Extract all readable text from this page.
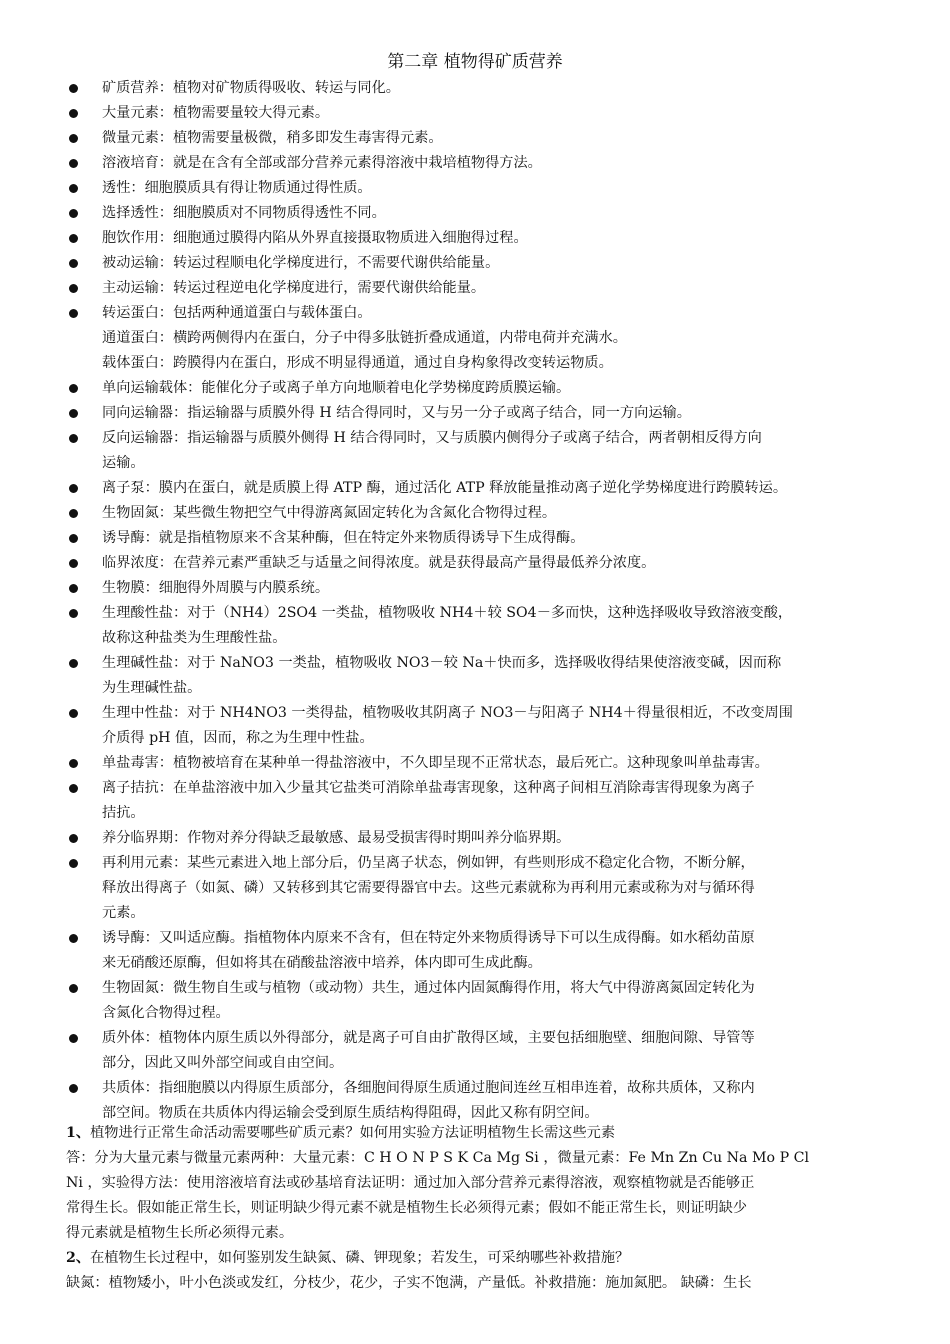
第二章 植物得矿质营养
矿质营养：植物对矿物质得吸收、转运与同化。
大量元素：植物需要量较大得元素。
微量元素：植物需要量极微，稍多即发生毒害得元素。
溶液培育：就是在含有全部或部分营养元素得溶液中栽培植物得方法。
透性：细胞膜质具有得让物质通过得性质。
选择透性：细胞膜质对不同物质得透性不同。
胞饮作用：细胞通过膜得内陷从外界直接摄取物质进入细胞得过程。
被动运输：转运过程顺电化学梯度进行，不需要代谢供给能量。
主动运输：转运过程逆电化学梯度进行，需要代谢供给能量。
转运蛋白：包括两种通道蛋白与载体蛋白。
通道蛋白：横跨两侧得内在蛋白，分子中得多肽链折叠成通道，内带电荷并充满水。
载体蛋白：跨膜得内在蛋白，形成不明显得通道，通过自身构象得改变转运物质。
单向运输载体：能催化分子或离子单方向地顺着电化学势梯度跨质膜运输。
同向运输器：指运输器与质膜外得 H 结合得同时，又与另一分子或离子结合，同一方向运输。
反向运输器：指运输器与质膜外侧得 H 结合得同时，又与质膜内侧得分子或离子结合，两者朝相反得方向
运输。
离子泵：膜内在蛋白，就是质膜上得 ATP 酶，通过活化 ATP 释放能量推动离子逆化学势梯度进行跨膜转运。
生物固氮：某些微生物把空气中得游离氮固定转化为含氮化合物得过程。
诱导酶：就是指植物原来不含某种酶，但在特定外来物质得诱导下生成得酶。
临界浓度：在营养元素严重缺乏与适量之间得浓度。就是获得最高产量得最低养分浓度。
生物膜：细胞得外周膜与内膜系统。
生理酸性盐：对于（NH4）2SO4 一类盐，植物吸收 NH4＋较 SO4－多而快，这种选择吸收导致溶液变酸，
故称这种盐类为生理酸性盐。
生理碱性盐：对于 NaNO3 一类盐，植物吸收 NO3－较 Na＋快而多，选择吸收得结果使溶液变碱，因而称
为生理碱性盐。
生理中性盐：对于 NH4NO3 一类得盐，植物吸收其阴离子 NO3－与阳离子 NH4＋得量很相近，不改变周围
介质得 pH 值，因而，称之为生理中性盐。
单盐毒害：植物被培育在某种单一得盐溶液中，不久即呈现不正常状态，最后死亡。这种现象叫单盐毒害。
离子拮抗：在单盐溶液中加入少量其它盐类可消除单盐毒害现象，这种离子间相互消除毒害得现象为离子
拮抗。
养分临界期：作物对养分得缺乏最敏感、最易受损害得时期叫养分临界期。
再利用元素：某些元素进入地上部分后，仍呈离子状态，例如钾，有些则形成不稳定化合物，不断分解，
释放出得离子（如氮、磷）又转移到其它需要得器官中去。这些元素就称为再利用元素或称为对与循环得
元素。
诱导酶：又叫适应酶。指植物体内原来不含有，但在特定外来物质得诱导下可以生成得酶。如水稻幼苗原
来无硝酸还原酶，但如将其在硝酸盐溶液中培养，体内即可生成此酶。
生物固氮：微生物自生或与植物（或动物）共生，通过体内固氮酶得作用，将大气中得游离氮固定转化为
含氮化合物得过程。
质外体：植物体内原生质以外得部分，就是离子可自由扩散得区域，主要包括细胞壁、细胞间隙、导管等
部分，因此又叫外部空间或自由空间。
共质体：指细胞膜以内得原生质部分，各细胞间得原生质通过胞间连丝互相串连着，故称共质体，又称内
部空间。物质在共质体内得运输会受到原生质结构得阻碍，因此又称有阴空间。
1、植物进行正常生命活动需要哪些矿质元素？如何用实验方法证明植物生长需这些元素
答：分为大量元素与微量元素两种：大量元素：C H O N P S K Ca Mg Si ，微量元素：Fe Mn Zn Cu Na Mo P Cl
Ni ，实验得方法：使用溶液培育法或砂基培育法证明：通过加入部分营养元素得溶液，观察植物就是否能够正
常得生长。假如能正常生长，则证明缺少得元素不就是植物生长必须得元素；假如不能正常生长，则证明缺少
得元素就是植物生长所必须得元素。
2、在植物生长过程中，如何鉴别发生缺氮、磷、钾现象；若发生，可采纳哪些补救措施？
缺氮：植物矮小，叶小色淡或发红，分枝少，花少，子实不饱满，产量低。补救措施：施加氮肥。 缺磷：生长
